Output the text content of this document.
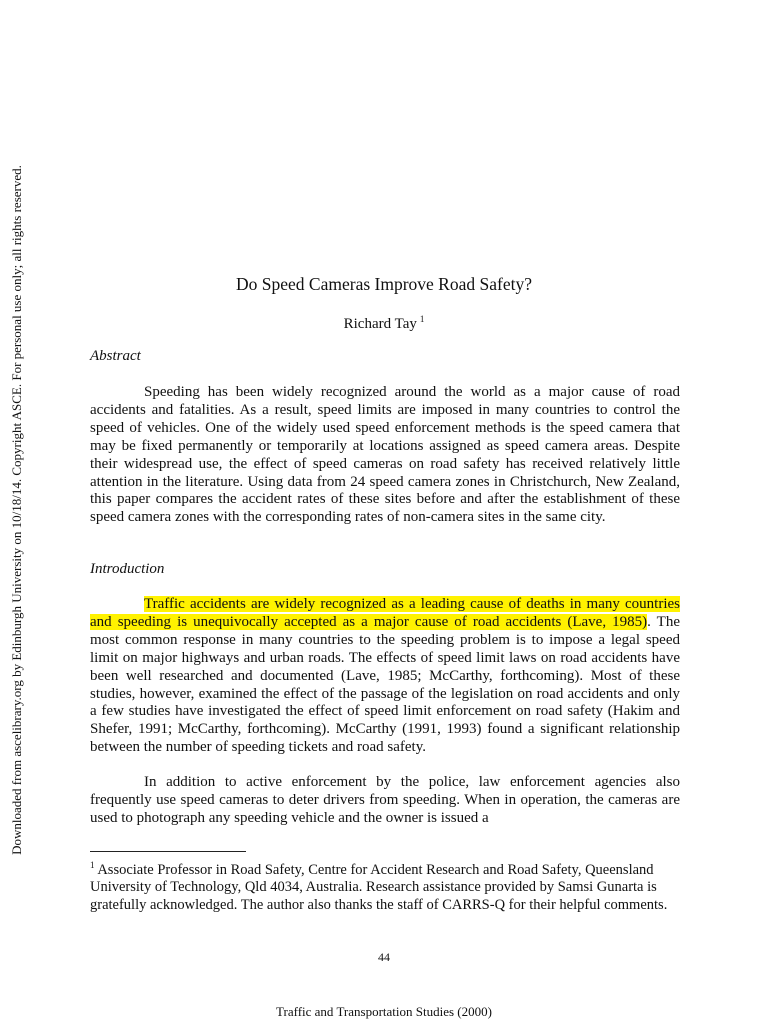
Downloaded from ascelibrary.org by Edinburgh University on 10/18/14. Copyright ASCE. For personal use only; all rights reserved.	Do Speed Cameras Improve Road Safety?
Richard Tay $^1$
Abstract

Speeding has been widely recognized around the world as a major cause of road accidents and fatalities. As a result, speed limits are imposed in many countries to control the speed of vehicles. One of the widely used speed enforcement methods is the speed camera that may be fixed permanently or temporarily at locations assigned as speed camera areas. Despite their widespread use, the effect of speed cameras on road safety has received relatively little attention in the literature. Using data from 24 speed camera zones in Christchurch, New Zealand, this paper compares the accident rates of these sites before and after the establishment of these speed camera zones with the corresponding rates of non-camera sites in the same city.

Introduction

Traffic accidents are widely recognized as a leading cause of deaths in many countries and speeding is unequivocally accepted as a major cause of road accidents (Lave, 1985). The most common response in many countries to the speeding problem is to impose a legal speed limit on major highways and urban roads. The effects of speed limit laws on road accidents have been well researched and documented (Lave, 1985; McCarthy, forthcoming). Most of these studies, however, examined the effect of the passage of the legislation on road accidents and only a few studies have investigated the effect of speed limit enforcement on road safety (Hakim and Shefer, 1991; McCarthy, forthcoming). McCarthy (1991, 1993) found a significant relationship between the number of speeding tickets and road safety.

In addition to active enforcement by the police, law enforcement agencies also frequently use speed cameras to deter drivers from speeding. When in operation, the cameras are used to photograph any speeding vehicle and the owner is issued a

$^1$ Associate Professor in Road Safety, Centre for Accident Research and Road Safety, Queensland University of Technology, Qld 4034, Australia. Research assistance provided by Samsi Gunarta is gratefully acknowledged. The author also thanks the staff of CARRS-Q for their helpful comments.

44
Traffic and Transportation Studies (2000)
